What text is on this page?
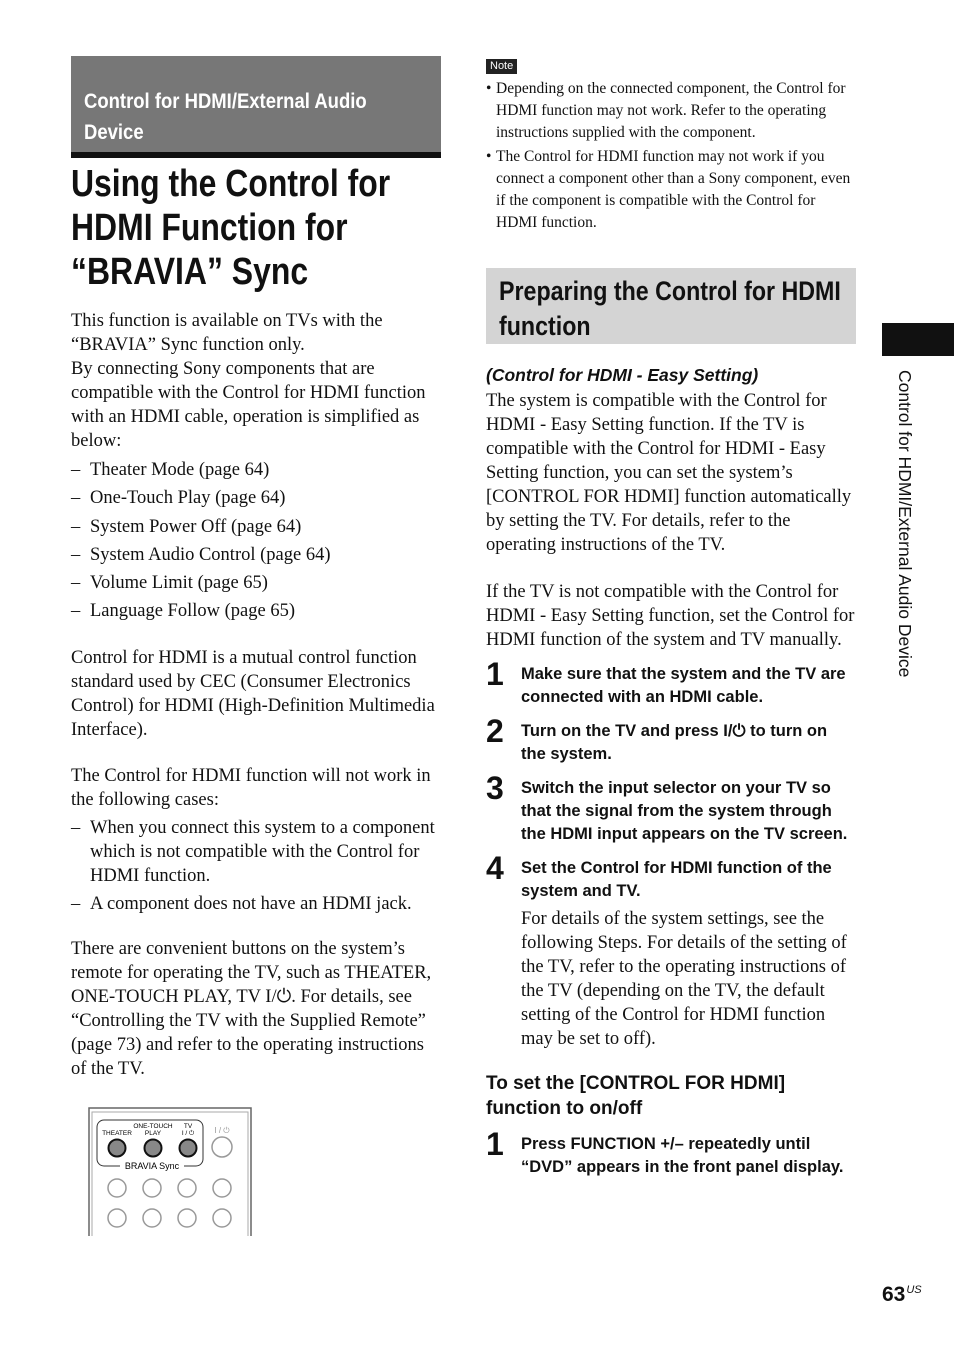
Control for HDMI/External Audio
Device
Using the Control for
HDMI Function for
“BRAVIA” Sync

This function is available on TVs with the “BRAVIA” Sync function only.

By connecting Sony components that are compatible with the Control for HDMI function with an HDMI cable, operation is simplified as below:

– Theater Mode (page 64)
– One-Touch Play (page 64)
– System Power Off (page 64)
– System Audio Control (page 64)
– Volume Limit (page 65)
– Language Follow (page 65)

Control for HDMI is a mutual control function standard used by CEC (Consumer Electronics Control) for HDMI (High-Definition Multimedia Interface).

The Control for HDMI function will not work in the following cases:

– When you connect this system to a component which is not compatible with the Control for HDMI function.
– A component does not have an HDMI jack.

There are convenient buttons on the system’s remote for operating the TV, such as THEATER, ONE-TOUCH PLAY, TV I/⏻. For details, see “Controlling the TV with the Supplied Remote” (page 73) and refer to the operating instructions of the TV.

THEATER
ONE-TOUCH
PLAY
TV
I / ⏻	I / ⏻
BRAVIA Sync
Note
• Depending on the connected component, the Control for HDMI function may not work. Refer to the operating instructions supplied with the component.
• The Control for HDMI function may not work if you connect a component other than a Sony component, even if the component is compatible with the Control for HDMI function.
Preparing the Control for HDMI
function
(Control for HDMI - Easy Setting)

The system is compatible with the Control for HDMI - Easy Setting function. If the TV is compatible with the Control for HDMI - Easy Setting function, you can set the system’s [CONTROL FOR HDMI] function automatically by setting the TV. For details, refer to the operating instructions of the TV.

If the TV is not compatible with the Control for HDMI - Easy Setting function, set the Control for HDMI function of the system and TV manually.

1 Make sure that the system and the TV are connected with an HDMI cable.

2 Turn on the TV and press I/⏻ to turn on the system.

3 Switch the input selector on your TV so that the signal from the system through the HDMI input appears on the TV screen.

4 Set the Control for HDMI function of the system and TV.

For details of the system settings, see the following Steps. For details of the setting of the TV, refer to the operating instructions of the TV (depending on the TV, the default setting of the Control for HDMI function may be set to off).

To set the [CONTROL FOR HDMI] function to on/off
1 Press FUNCTION +/– repeatedly until “DVD” appears in the front panel display.

Control for HDMI/External Audio Device
$63^{US}$
